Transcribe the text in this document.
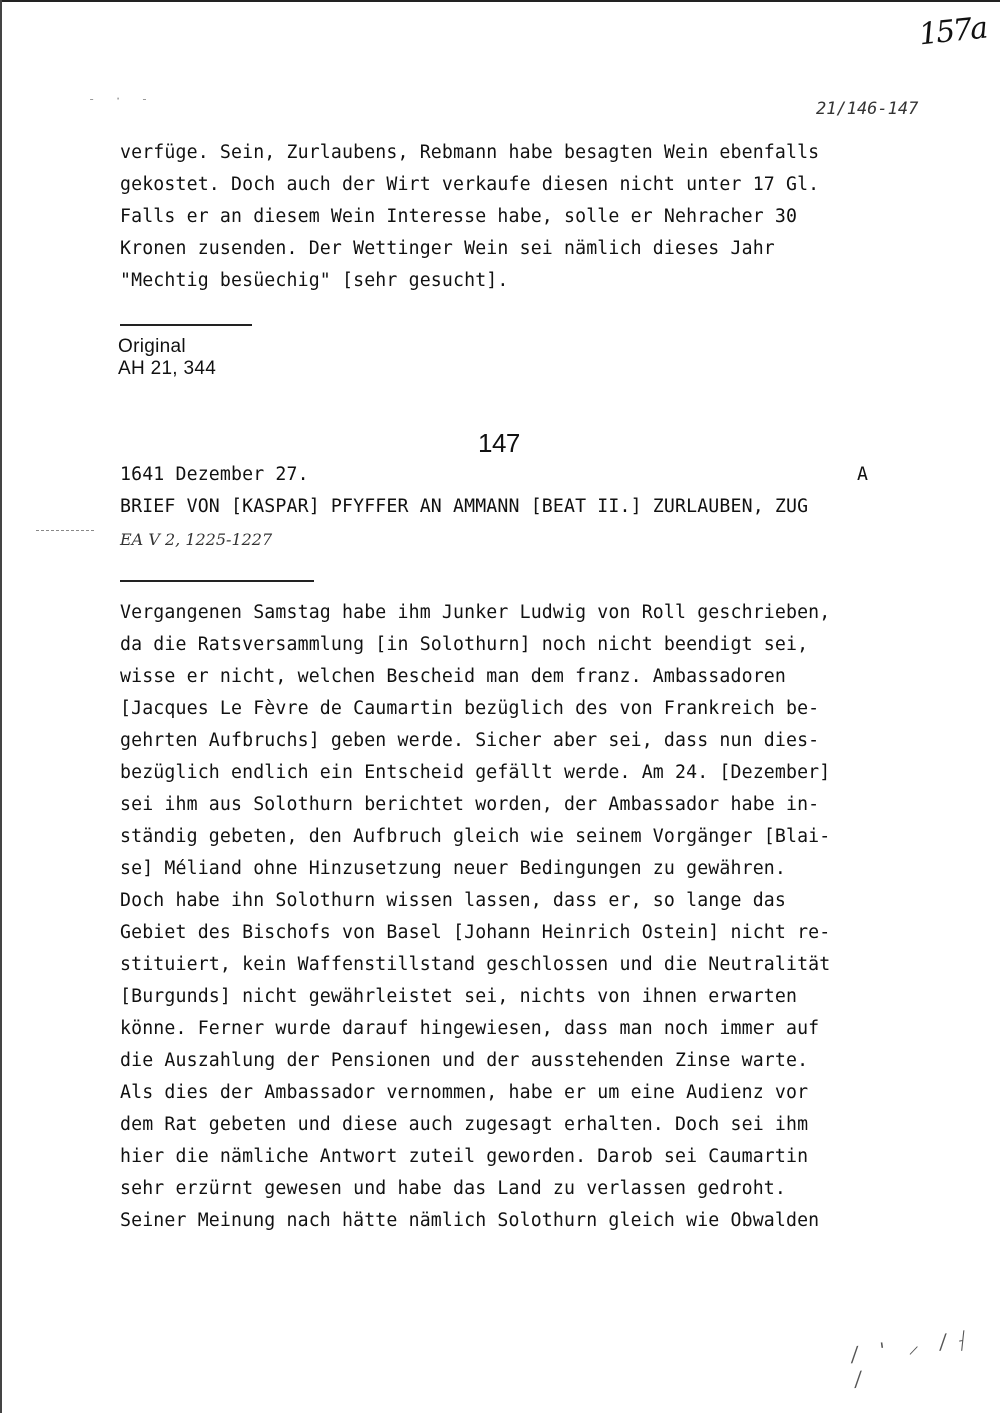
157a
- · -	21/146-147

verfüge. Sein, Zurlaubens, Rebmann habe besagten Wein ebenfalls

gekostet. Doch auch der Wirt verkaufe diesen nicht unter 17 Gl.

Falls er an diesem Wein Interesse habe, solle er Nehracher 30

Kronen zusenden. Der Wettinger Wein sei nämlich dieses Jahr

"Mechtig besüechig" [sehr gesucht].

Original
AH 21, 344
147
1641 Dezember 27.	A
BRIEF VON [KASPAR] PFYFFER AN AMMANN [BEAT II.] ZURLAUBEN, ZUG
EA V 2, 1225-1227

Vergangenen Samstag habe ihm Junker Ludwig von Roll geschrieben,

da die Ratsversammlung [in Solothurn] noch nicht beendigt sei,

wisse er nicht, welchen Bescheid man dem franz. Ambassadoren

[Jacques Le Fèvre de Caumartin bezüglich des von Frankreich be-

gehrten Aufbruchs] geben werde. Sicher aber sei, dass nun dies-

bezüglich endlich ein Entscheid gefällt werde. Am 24. [Dezember]

sei ihm aus Solothurn berichtet worden, der Ambassador habe in-

ständig gebeten, den Aufbruch gleich wie seinem Vorgänger [Blai-

se] Méliand ohne Hinzusetzung neuer Bedingungen zu gewähren.

Doch habe ihn Solothurn wissen lassen, dass er, so lange das

Gebiet des Bischofs von Basel [Johann Heinrich Ostein] nicht re-

stituiert, kein Waffenstillstand geschlossen und die Neutralität

[Burgunds] nicht gewährleistet sei, nichts von ihnen erwarten

könne. Ferner wurde darauf hingewiesen, dass man noch immer auf

die Auszahlung der Pensionen und der ausstehenden Zinse warte.

Als dies der Ambassador vernommen, habe er um eine Audienz vor

dem Rat gebeten und diese auch zugesagt erhalten. Doch sei ihm

hier die nämliche Antwort zuteil geworden. Darob sei Caumartin

sehr erzürnt gewesen und habe das Land zu verlassen gedroht.

Seiner Meinung nach hätte nämlich Solothurn gleich wie Obwalden

/ ' ⸝ /⸡ /
